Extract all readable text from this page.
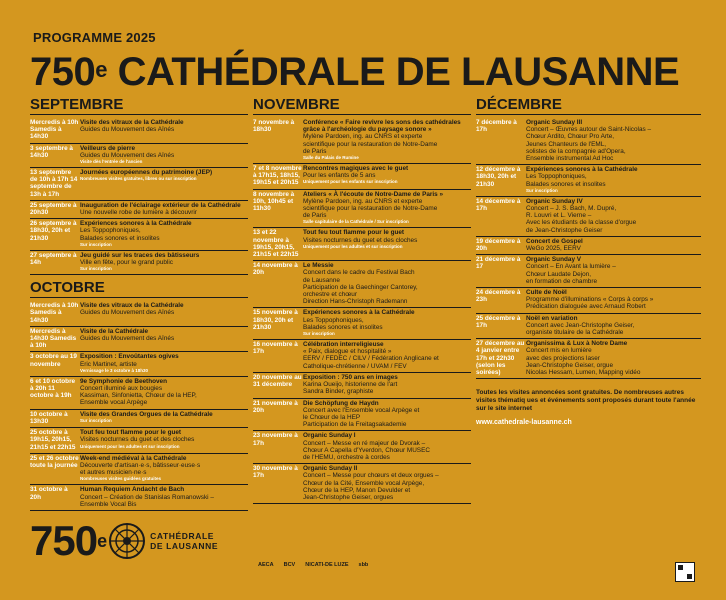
PROGRAMME 2025
750e CATHÉDRALE DE LAUSANNE
SEPTEMBRE
Mercredis à 10h Samedis à 14h30
Visite des vitraux de la Cathédrale
Guides du Mouvement des Aînés
3 septembre à 14h30
Veilleurs de pierre
Guides du Mouvement des Aînés
Visite dès l'entrée de l'ancien
13 septembre de 10h à 17h 14 septembre de 13h à 17h
Journées européennes du patrimoine (JEP)
Nombreuses visites gratuites, libres ou sur inscription
25 septembre à 20h30
Inauguration de l'éclairage extérieur de la Cathédrale
Une nouvelle robe de lumière à découvrir
26 septembre à 18h30, 20h et 21h30
Expériences sonores à la Cathédrale
Les Toppophoniques,
Balades sonores et insolites
Sur inscription
27 septembre à 14h
Jeu guidé sur les traces des bâtisseurs
Ville en fête, pour le grand public
Sur inscription
OCTOBRE
Mercredis à 10h Samedis à 14h30
Visite des vitraux de la Cathédrale
Guides du Mouvement des Aînés
Mercredis à 14h30 Samedis à 10h
Visite de la Cathédrale
Guides du Mouvement des Aînés
3 octobre au 19 novembre
Exposition : Envoûtantes ogives
Eric Martinet, artiste
Vernissage le 3 octobre à 18h30
6 et 10 octobre à 20h 11 octobre à 19h
9e Symphonie de Beethoven
Concert illuminé aux bougies
Kassiman, Sinfonietta, Chœur de la HEP,
Ensemble vocal Arpège
10 octobre à 13h30
Visite des Grandes Orgues de la Cathédrale
Sur inscription
25 octobre à 19h15, 20h15, 21h15 et 22h15
Tout feu tout flamme pour le guet
Visites nocturnes du guet et des cloches
Uniquement pour les adultes et sur inscription
25 et 26 octobre toute la journée
Week-end médiéval à la Cathédrale
Découverte d'artisan·e·s, bâtisseur·euse·s
et autres musicien·ne·s
Nombreuses visites guidées gratuites
31 octobre à 20h
Human Requiem Andacht de Bach
Concert – Création de Stanislas Romanowski –
Ensemble Vocal Bis
NOVEMBRE
7 novembre à 18h30
Conférence « Faire revivre les sons des cathédrales grâce à l'archéologie du paysage sonore »
Mylène Pardoen, ing. au CNRS et experte
scientifique pour la restauration de Notre-Dame
de Paris
Salle du Palais de Rumine
7 et 8 novembre à 17h15, 18h15, 19h15 et 20h15
Rencontres magiques avec le guet
Pour les enfants de 5 ans
Uniquement pour les enfants sur inscription
8 novembre à 10h, 10h45 et 11h30
Ateliers « À l'écoute de Notre-Dame de Paris »
Mylène Pardoen, ing. au CNRS et experte
scientifique pour la restauration de Notre-Dame
de Paris
Salle capitulaire de la Cathédrale / Sur inscription
13 et 22 novembre à 19h15, 20h15, 21h15 et 22h15
Tout feu tout flamme pour le guet
Visites nocturnes du guet et des cloches
Uniquement pour les adultes et sur inscription
14 novembre à 20h
Le Messie
Concert dans le cadre du Festival Bach
de Lausanne
Participation de la Gaechinger Cantorey,
orchestre et chœur
Direction Hans-Christoph Rademann
15 novembre à 18h30, 20h et 21h30
Expériences sonores à la Cathédrale
Les Toppophoniques,
Balades sonores et insolites
Sur inscription
16 novembre à 17h
Célébration interreligieuse
« Paix, dialogue et hospitalité »
EERV / FEDEC / CILV / Fédération Anglicane et
Catholique-chrétienne / UVAM / FEV
20 novembre au 31 décembre
Exposition : 750 ans en images
Karina Oueijo, historienne de l'art
Sandra Binder, graphiste
21 novembre à 20h
Die Schöpfung de Haydn
Concert avec l'Ensemble vocal Arpège et
le Chœur de la HEP
Participation de la Freitagsakademie
23 novembre à 17h
Organic Sunday I
Concert – Messe en ré majeur de Dvorak –
Chœur A Capella d'Yverdon, Chœur MUSEC
de l'HEMU, orchestre à cordes
30 novembre à 17h
Organic Sunday II
Concert – Messe pour chœurs et deux orgues –
Chœur de la Cité, Ensemble vocal Arpège,
Chœur de la HEP, Manon Devulder et
Jean-Christophe Geiser, orgues
DÉCEMBRE
7 décembre à 17h
Organic Sunday III
Concert – Œuvres autour de Saint-Nicolas –
Chœur Ardito, Chœur Pro Arte,
Jeunes Chanteurs de l'EML,
solistes de la compagnie ad'Opera,
Ensemble instrumental Ad Hoc
12 décembre à 18h30, 20h et 21h30
Expériences sonores à la Cathédrale
Les Toppophoniques,
Balades sonores et insolites
Sur inscription
14 décembre à 17h
Organic Sunday IV
Concert – J. S. Bach, M. Dupré,
R. Louvri et L. Vierne –
Avec les étudiants de la classe d'orgue
de Jean-Christophe Geiser
19 décembre à 20h
Concert de Gospel
WeGo 2025, EERV
21 décembre à 17
Organic Sunday V
Concert – En Avant la lumière –
Chœur Laudate Dejon,
en formation de chambre
24 décembre à 23h
Culte de Noël
Programme d'illuminations « Corps à corps »
Prédication dialoguée avec Arnaud Robert
25 décembre à 17h
Noël en variation
Concert avec Jean-Christophe Geiser,
organiste titulaire de la Cathédrale
27 décembre au 4 janvier entre 17h et 22h30 (selon les soirées)
Organissima & Lux à Notre Dame
Concert mis en lumière
avec des projections laser
Jean-Christophe Geiser, orgue
Nicolas Hessam, Lumen, Mapping vidéo
Toutes les visites annoncées sont gratuites. De nombreuses autres visites thématiq ues et événements sont proposés durant toute l'année sur le site internet
www.cathedrale-lausanne.ch
750e	CATHÉDRALE
DE LAUSANNE
AECA BCV NICATI-DE LUZE sbb
